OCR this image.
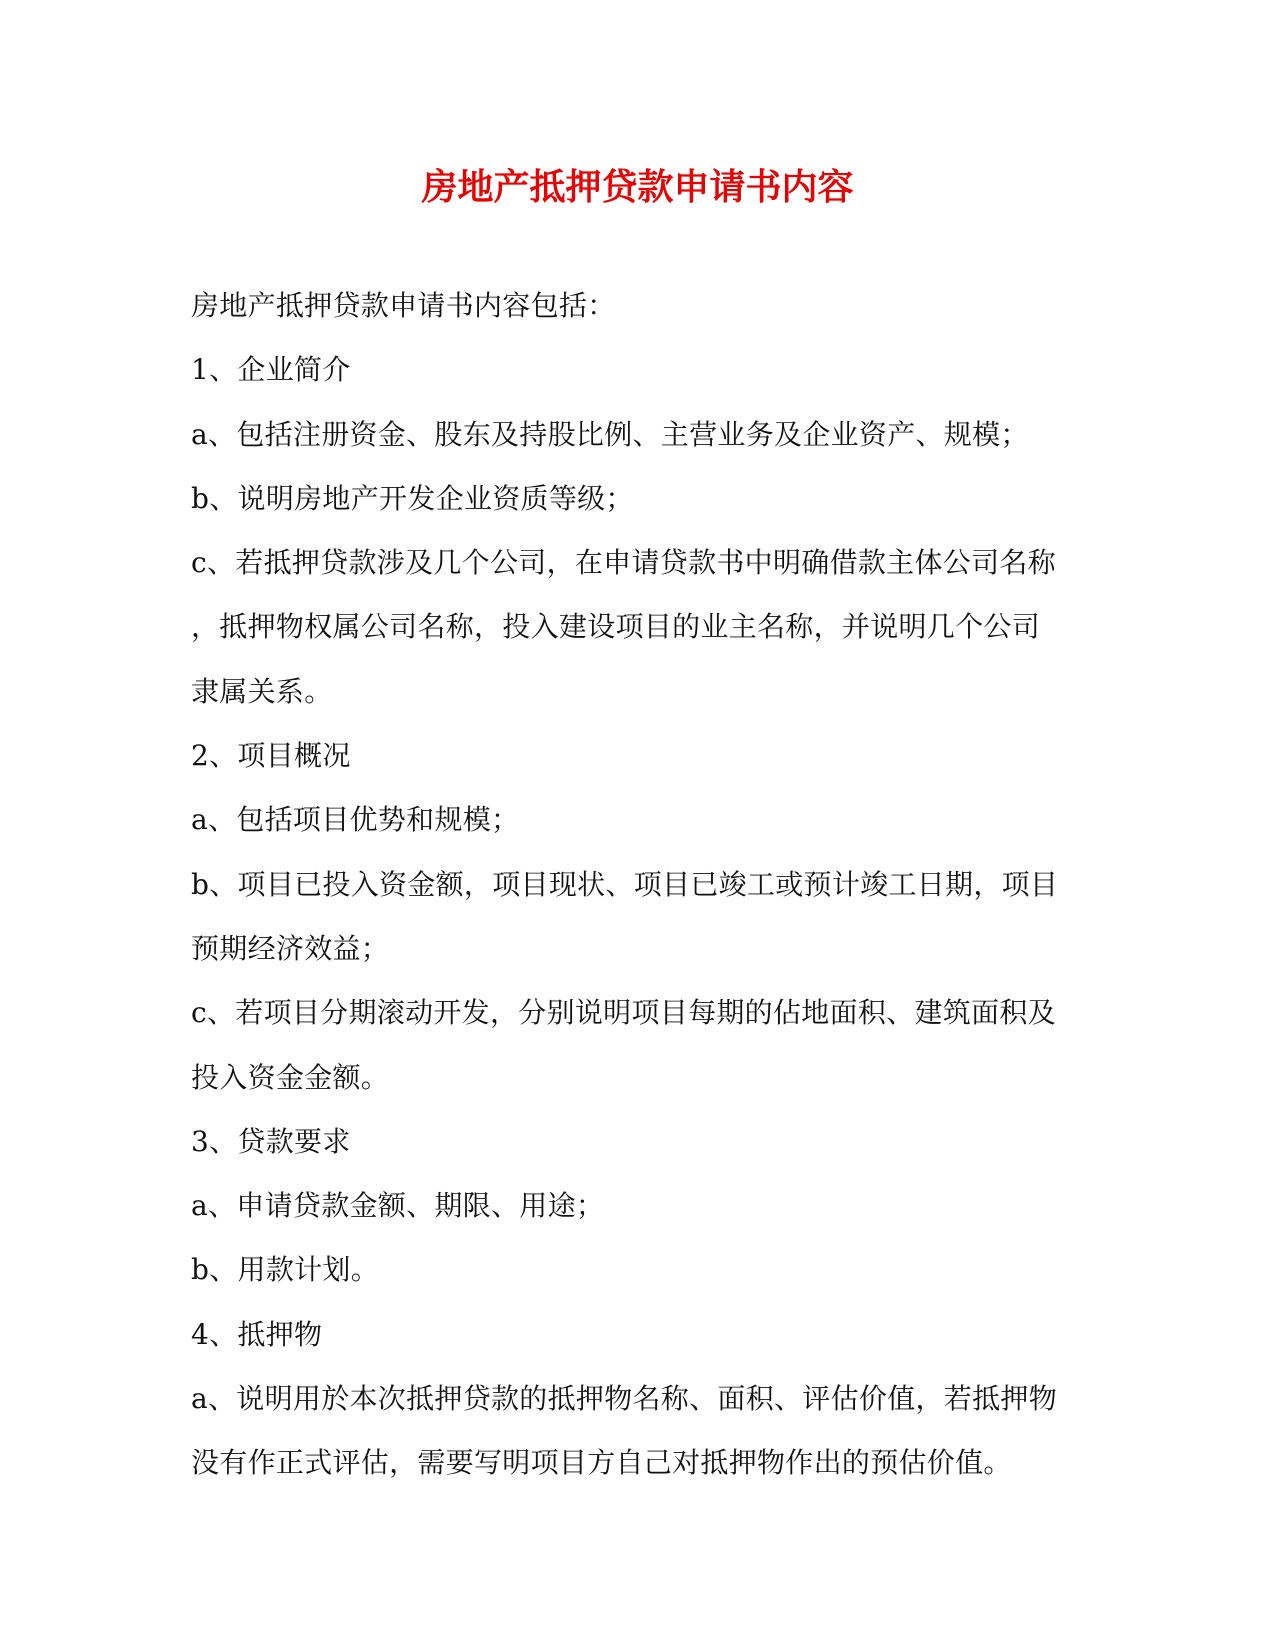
房地产抵押贷款申请书内容
房地产抵押贷款申请书内容包括：
1、企业简介
a、包括注册资金、股东及持股比例、主营业务及企业资产、规模；
b、说明房地产开发企业资质等级；
c、若抵押贷款涉及几个公司，在申请贷款书中明确借款主体公司名称
，抵押物权属公司名称，投入建设项目的业主名称，并说明几个公司
隶属关系。
2、项目概况
a、包括项目优势和规模；
b、项目已投入资金额，项目现状、项目已竣工或预计竣工日期，项目
预期经济效益；
c、若项目分期滚动开发，分别说明项目每期的佔地面积、建筑面积及
投入资金金额。
3、贷款要求
a、申请贷款金额、期限、用途；
b、用款计划。
4、抵押物
a、说明用於本次抵押贷款的抵押物名称、面积、评估价值，若抵押物
没有作正式评估，需要写明项目方自己对抵押物作出的预估价值。
